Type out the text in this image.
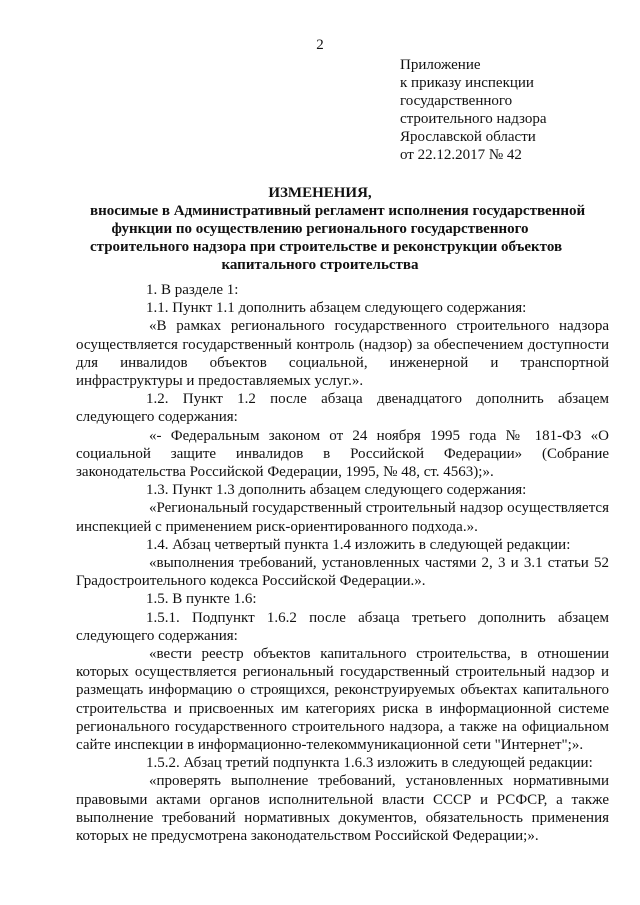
2
Приложение
к приказу инспекции
государственного
строительного надзора
Ярославской области
от 22.12.2017 № 42
ИЗМЕНЕНИЯ,
вносимые в Административный регламент исполнения государственной
функции по осуществлению регионального государственного
строительного надзора при строительстве и реконструкции объектов
капитального строительства

1. В разделе 1:

1.1. Пункт 1.1 дополнить абзацем следующего содержания:

«В рамках регионального государственного строительного надзора осуществляется государственный контроль (надзор) за обеспечением доступности для инвалидов объектов социальной, инженерной и транспортной инфраструктуры и предоставляемых услуг.».

1.2. Пункт 1.2 после абзаца двенадцатого дополнить абзацем следующего содержания:

«- Федеральным законом от 24 ноября 1995 года № 181-ФЗ «О социальной защите инвалидов в Российской Федерации» (Собрание законодательства Российской Федерации, 1995, № 48, ст. 4563);».

1.3. Пункт 1.3 дополнить абзацем следующего содержания:

«Региональный государственный строительный надзор осуществляется инспекцией с применением риск-ориентированного подхода.».

1.4. Абзац четвертый пункта 1.4 изложить в следующей редакции:

«выполнения требований, установленных частями 2, 3 и 3.1 статьи 52 Градостроительного кодекса Российской Федерации.».

1.5. В пункте 1.6:

1.5.1. Подпункт 1.6.2 после абзаца третьего дополнить абзацем следующего содержания:

«вести реестр объектов капитального строительства, в отношении которых осуществляется региональный государственный строительный надзор и размещать информацию о строящихся, реконструируемых объектах капитального строительства и присвоенных им категориях риска в информационной системе регионального государственного строительного надзора, а также на официальном сайте инспекции в информационно-телекоммуникационной сети "Интернет";».

1.5.2. Абзац третий подпункта 1.6.3 изложить в следующей редакции:

«проверять выполнение требований, установленных нормативными правовыми актами органов исполнительной власти СССР и РСФСР, а также выполнение требований нормативных документов, обязательность применения которых не предусмотрена законодательством Российской Федерации;».
